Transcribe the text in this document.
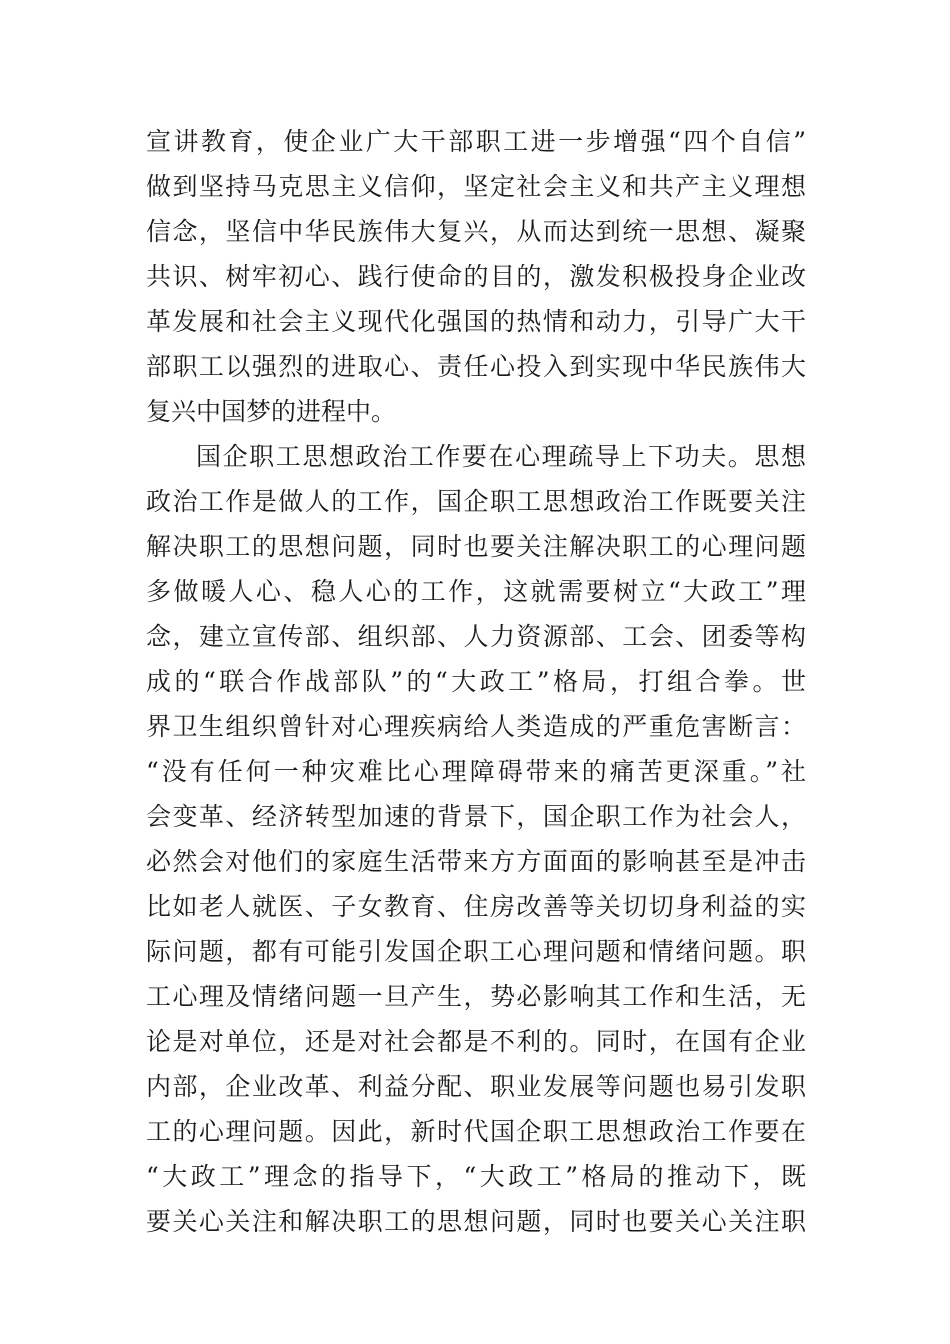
宣讲教育，使企业广大干部职工进一步增强“四个自信”
做到坚持马克思主义信仰，坚定社会主义和共产主义理想
信念，坚信中华民族伟大复兴，从而达到统一思想、凝聚
共识、树牢初心、践行使命的目的，激发积极投身企业改
革发展和社会主义现代化强国的热情和动力，引导广大干
部职工以强烈的进取心、责任心投入到实现中华民族伟大
复兴中国梦的进程中。
国企职工思想政治工作要在心理疏导上下功夫。思想
政治工作是做人的工作，国企职工思想政治工作既要关注
解决职工的思想问题，同时也要关注解决职工的心理问题
多做暖人心、稳人心的工作，这就需要树立“大政工”理
念，建立宣传部、组织部、人力资源部、工会、团委等构
成的“联合作战部队”的“大政工”格局，打组合拳。世
界卫生组织曾针对心理疾病给人类造成的严重危害断言：
“没有任何一种灾难比心理障碍带来的痛苦更深重。”社
会变革、经济转型加速的背景下，国企职工作为社会人，
必然会对他们的家庭生活带来方方面面的影响甚至是冲击
比如老人就医、子女教育、住房改善等关切切身利益的实
际问题，都有可能引发国企职工心理问题和情绪问题。职
工心理及情绪问题一旦产生，势必影响其工作和生活，无
论是对单位，还是对社会都是不利的。同时，在国有企业
内部，企业改革、利益分配、职业发展等问题也易引发职
工的心理问题。因此，新时代国企职工思想政治工作要在
“大政工”理念的指导下，“大政工”格局的推动下，既
要关心关注和解决职工的思想问题，同时也要关心关注职
